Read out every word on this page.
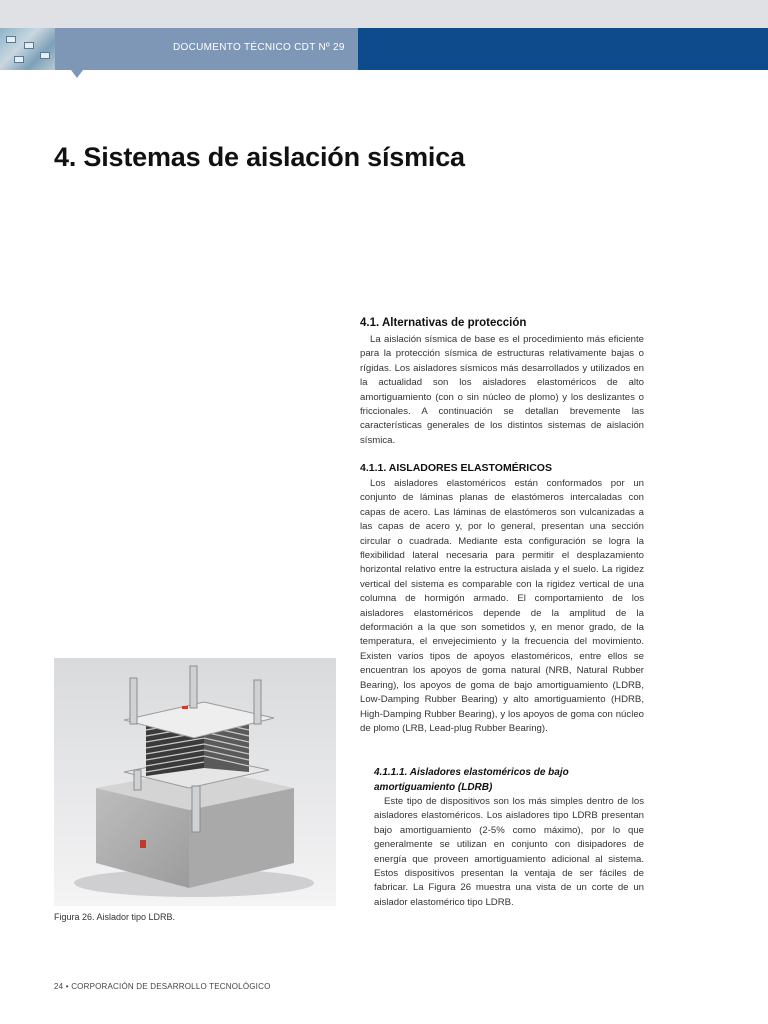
DOCUMENTO TÉCNICO CDT Nº 29
4. Sistemas de aislación sísmica
4.1. Alternativas de protección

La aislación sísmica de base es el procedimiento más eficiente para la protección sísmica de estructuras relativamente bajas o rígidas. Los aisladores sísmicos más desarrollados y utilizados en la actualidad son los aisladores elastoméricos de alto amortiguamiento (con o sin núcleo de plomo) y los deslizantes o friccionales. A continuación se detallan brevemente las características generales de los distintos sistemas de aislación sísmica.

4.1.1. AISLADORES ELASTOMÉRICOS

Los aisladores elastoméricos están conformados por un conjunto de láminas planas de elastómeros intercaladas con capas de acero. Las láminas de elastómeros son vulcanizadas a las capas de acero y, por lo general, presentan una sección circular o cuadrada. Mediante esta configuración se logra la flexibilidad lateral necesaria para permitir el desplazamiento horizontal relativo entre la estructura aislada y el suelo. La rigidez vertical del sistema es comparable con la rigidez vertical de una columna de hormigón armado. El comportamiento de los aisladores elastoméricos depende de la amplitud de la deformación a la que son sometidos y, en menor grado, de la temperatura, el envejecimiento y la frecuencia del movimiento. Existen varios tipos de apoyos elastoméricos, entre ellos se encuentran los apoyos de goma natural (NRB, Natural Rubber Bearing), los apoyos de goma de bajo amortiguamiento (LDRB, Low-Damping Rubber Bearing) y alto amortiguamiento (HDRB, High-Damping Rubber Bearing), y los apoyos de goma con núcleo de plomo (LRB, Lead-plug Rubber Bearing).

4.1.1.1. Aisladores elastoméricos de bajo amortiguamiento (LDRB)

Este tipo de dispositivos son los más simples dentro de los aisladores elastoméricos. Los aisladores tipo LDRB presentan bajo amortiguamiento (2-5% como máximo), por lo que generalmente se utilizan en conjunto con disipadores de energía que proveen amortiguamiento adicional al sistema. Estos dispositivos presentan la ventaja de ser fáciles de fabricar. La Figura 26 muestra una vista de un corte de un aislador elastomérico tipo LDRB.

Figura 26. Aislador tipo LDRB.
24 • CORPORACIÓN DE DESARROLLO TECNOLÓGICO
